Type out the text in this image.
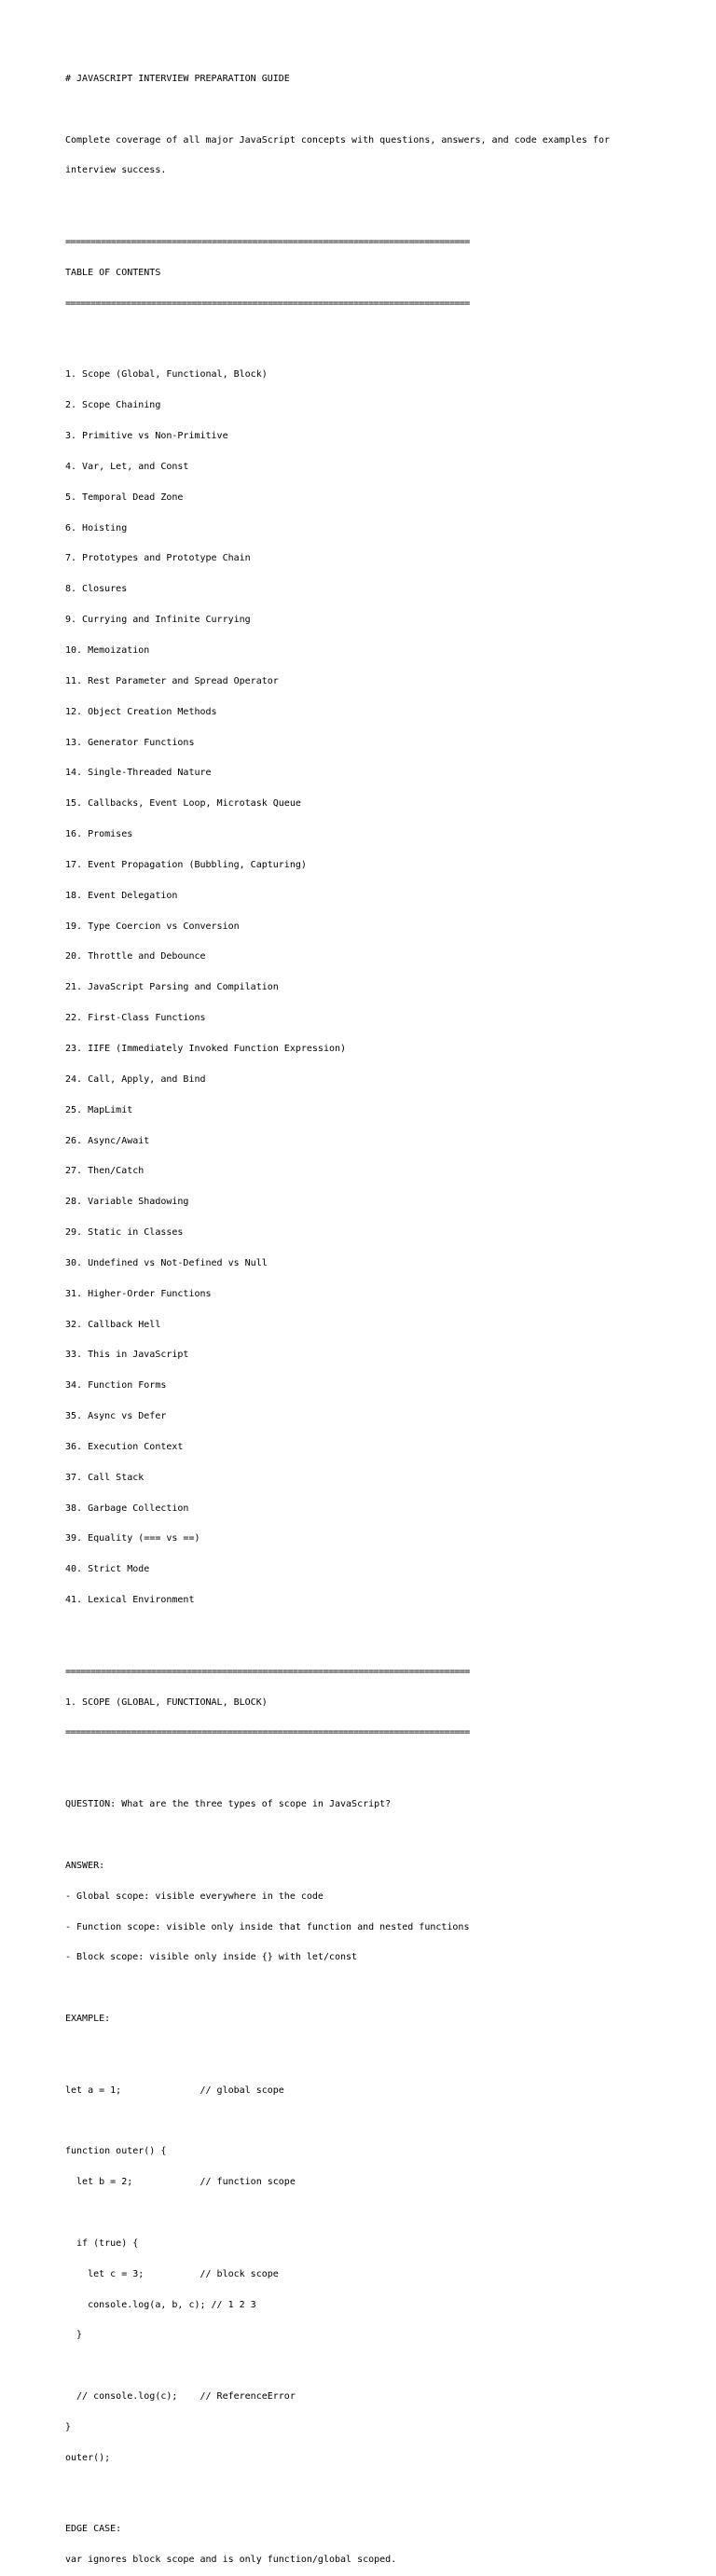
# JAVASCRIPT INTERVIEW PREPARATION GUIDE

Complete coverage of all major JavaScript concepts with questions, answers, and code examples for

interview success.

================================================================================

TABLE OF CONTENTS

================================================================================

1. Scope (Global, Functional, Block)

2. Scope Chaining

3. Primitive vs Non-Primitive

4. Var, Let, and Const

5. Temporal Dead Zone

6. Hoisting

7. Prototypes and Prototype Chain

8. Closures

9. Currying and Infinite Currying

10. Memoization

11. Rest Parameter and Spread Operator

12. Object Creation Methods

13. Generator Functions

14. Single-Threaded Nature

15. Callbacks, Event Loop, Microtask Queue

16. Promises

17. Event Propagation (Bubbling, Capturing)

18. Event Delegation

19. Type Coercion vs Conversion

20. Throttle and Debounce

21. JavaScript Parsing and Compilation

22. First-Class Functions

23. IIFE (Immediately Invoked Function Expression)

24. Call, Apply, and Bind

25. MapLimit

26. Async/Await

27. Then/Catch

28. Variable Shadowing

29. Static in Classes

30. Undefined vs Not-Defined vs Null

31. Higher-Order Functions

32. Callback Hell

33. This in JavaScript

34. Function Forms

35. Async vs Defer

36. Execution Context

37. Call Stack

38. Garbage Collection

39. Equality (=== vs ==)

40. Strict Mode

41. Lexical Environment

================================================================================

1. SCOPE (GLOBAL, FUNCTIONAL, BLOCK)

================================================================================

QUESTION: What are the three types of scope in JavaScript?

ANSWER:

- Global scope: visible everywhere in the code

- Function scope: visible only inside that function and nested functions

- Block scope: visible only inside {} with let/const

EXAMPLE:

let a = 1;              // global scope

function outer() {

let b = 2;            // function scope

if (true) {

let c = 3;          // block scope

console.log(a, b, c); // 1 2 3

}

// console.log(c);    // ReferenceError

}

outer();

EDGE CASE:

var ignores block scope and is only function/global scoped.
